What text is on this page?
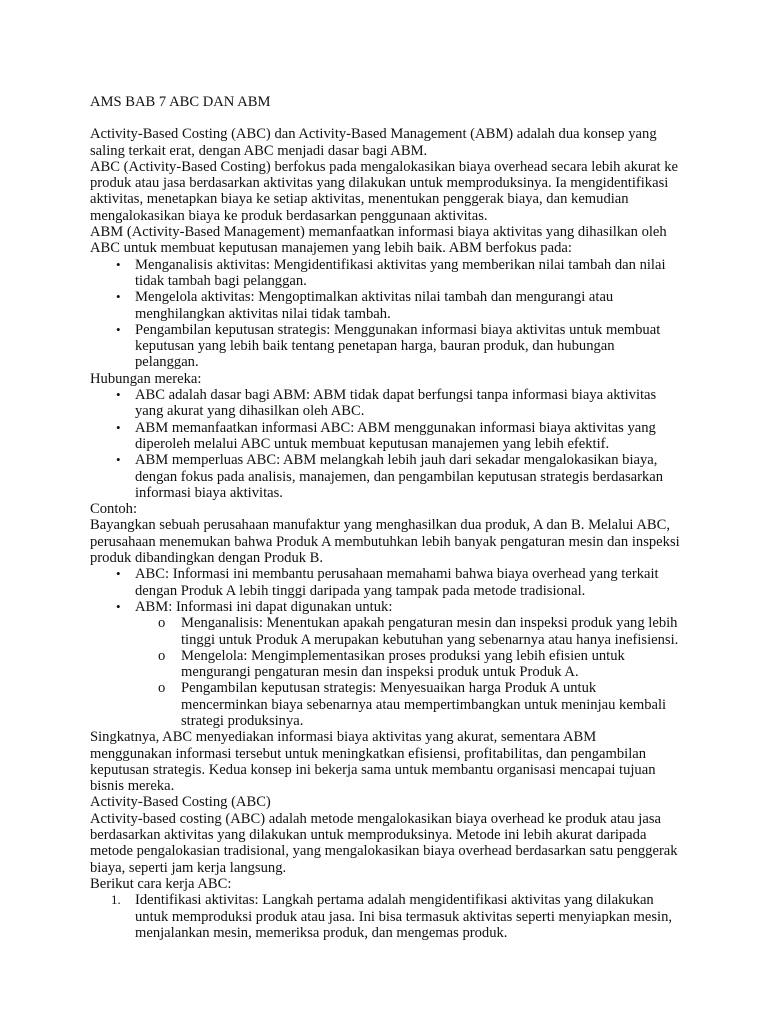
AMS BAB 7 ABC DAN ABM

Activity-Based Costing (ABC) dan Activity-Based Management (ABM) adalah dua konsep yang saling terkait erat, dengan ABC menjadi dasar bagi ABM.

ABC (Activity-Based Costing) berfokus pada mengalokasikan biaya overhead secara lebih akurat ke produk atau jasa berdasarkan aktivitas yang dilakukan untuk memproduksinya. Ia mengidentifikasi aktivitas, menetapkan biaya ke setiap aktivitas, menentukan penggerak biaya, dan kemudian mengalokasikan biaya ke produk berdasarkan penggunaan aktivitas.

ABM (Activity-Based Management) memanfaatkan informasi biaya aktivitas yang dihasilkan oleh ABC untuk membuat keputusan manajemen yang lebih baik. ABM berfokus pada:

• Menganalisis aktivitas: Mengidentifikasi aktivitas yang memberikan nilai tambah dan nilai tidak tambah bagi pelanggan.
• Mengelola aktivitas: Mengoptimalkan aktivitas nilai tambah dan mengurangi atau menghilangkan aktivitas nilai tidak tambah.
• Pengambilan keputusan strategis: Menggunakan informasi biaya aktivitas untuk membuat keputusan yang lebih baik tentang penetapan harga, bauran produk, dan hubungan pelanggan.

Hubungan mereka:

• ABC adalah dasar bagi ABM: ABM tidak dapat berfungsi tanpa informasi biaya aktivitas yang akurat yang dihasilkan oleh ABC.
• ABM memanfaatkan informasi ABC: ABM menggunakan informasi biaya aktivitas yang diperoleh melalui ABC untuk membuat keputusan manajemen yang lebih efektif.
• ABM memperluas ABC: ABM melangkah lebih jauh dari sekadar mengalokasikan biaya, dengan fokus pada analisis, manajemen, dan pengambilan keputusan strategis berdasarkan informasi biaya aktivitas.

Contoh:

Bayangkan sebuah perusahaan manufaktur yang menghasilkan dua produk, A dan B. Melalui ABC, perusahaan menemukan bahwa Produk A membutuhkan lebih banyak pengaturan mesin dan inspeksi produk dibandingkan dengan Produk B.

• ABC: Informasi ini membantu perusahaan memahami bahwa biaya overhead yang terkait dengan Produk A lebih tinggi daripada yang tampak pada metode tradisional.
• ABM: Informasi ini dapat digunakan untuk:
o Menganalisis: Menentukan apakah pengaturan mesin dan inspeksi produk yang lebih tinggi untuk Produk A merupakan kebutuhan yang sebenarnya atau hanya inefisiensi.
o Mengelola: Mengimplementasikan proses produksi yang lebih efisien untuk mengurangi pengaturan mesin dan inspeksi produk untuk Produk A.
o Pengambilan keputusan strategis: Menyesuaikan harga Produk A untuk mencerminkan biaya sebenarnya atau mempertimbangkan untuk meninjau kembali strategi produksinya.

Singkatnya, ABC menyediakan informasi biaya aktivitas yang akurat, sementara ABM menggunakan informasi tersebut untuk meningkatkan efisiensi, profitabilitas, dan pengambilan keputusan strategis. Kedua konsep ini bekerja sama untuk membantu organisasi mencapai tujuan bisnis mereka.

Activity-Based Costing (ABC)

Activity-based costing (ABC) adalah metode mengalokasikan biaya overhead ke produk atau jasa berdasarkan aktivitas yang dilakukan untuk memproduksinya. Metode ini lebih akurat daripada metode pengalokasian tradisional, yang mengalokasikan biaya overhead berdasarkan satu penggerak biaya, seperti jam kerja langsung.

Berikut cara kerja ABC:

1. Identifikasi aktivitas: Langkah pertama adalah mengidentifikasi aktivitas yang dilakukan untuk memproduksi produk atau jasa. Ini bisa termasuk aktivitas seperti menyiapkan mesin, menjalankan mesin, memeriksa produk, dan mengemas produk.
